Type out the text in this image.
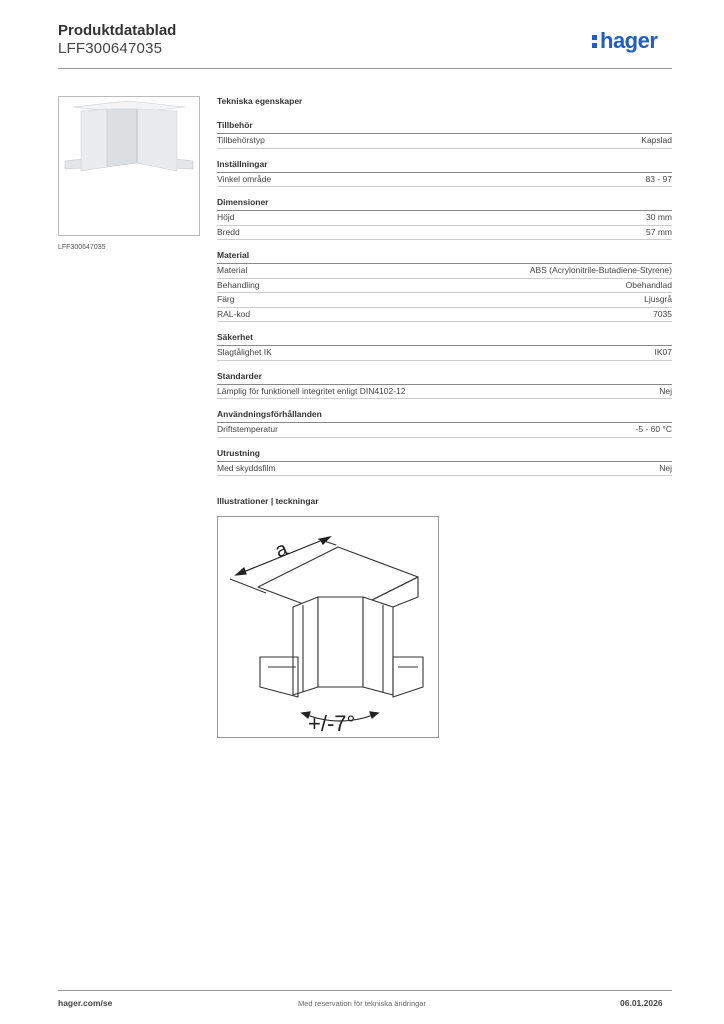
Produktdatablad
LFF300647035	hager
LFF300647035
Tekniska egenskaper
Tillbehör
Tillbehörstyp	Kapslad
Inställningar
Vinkel område	83 - 97
Dimensioner
Höjd	30 mm
Bredd	57 mm
Material
Material	ABS (Acrylonitrile-Butadiene-Styrene)
Behandling	Obehandlad
Färg	Ljusgrå
RAL-kod	7035
Säkerhet
Slagtålighet IK	IK07
Standarder
Lämplig för funktionell integritet enligt DIN4102-12	Nej
Användningsförhållanden
Driftstemperatur	-5 - 60 °C
Utrustning
Med skyddsfilm	Nej
Illustrationer | teckningar
a
+/-7°
hager.com/se	Med reservation för tekniska ändringar	06.01.2026
